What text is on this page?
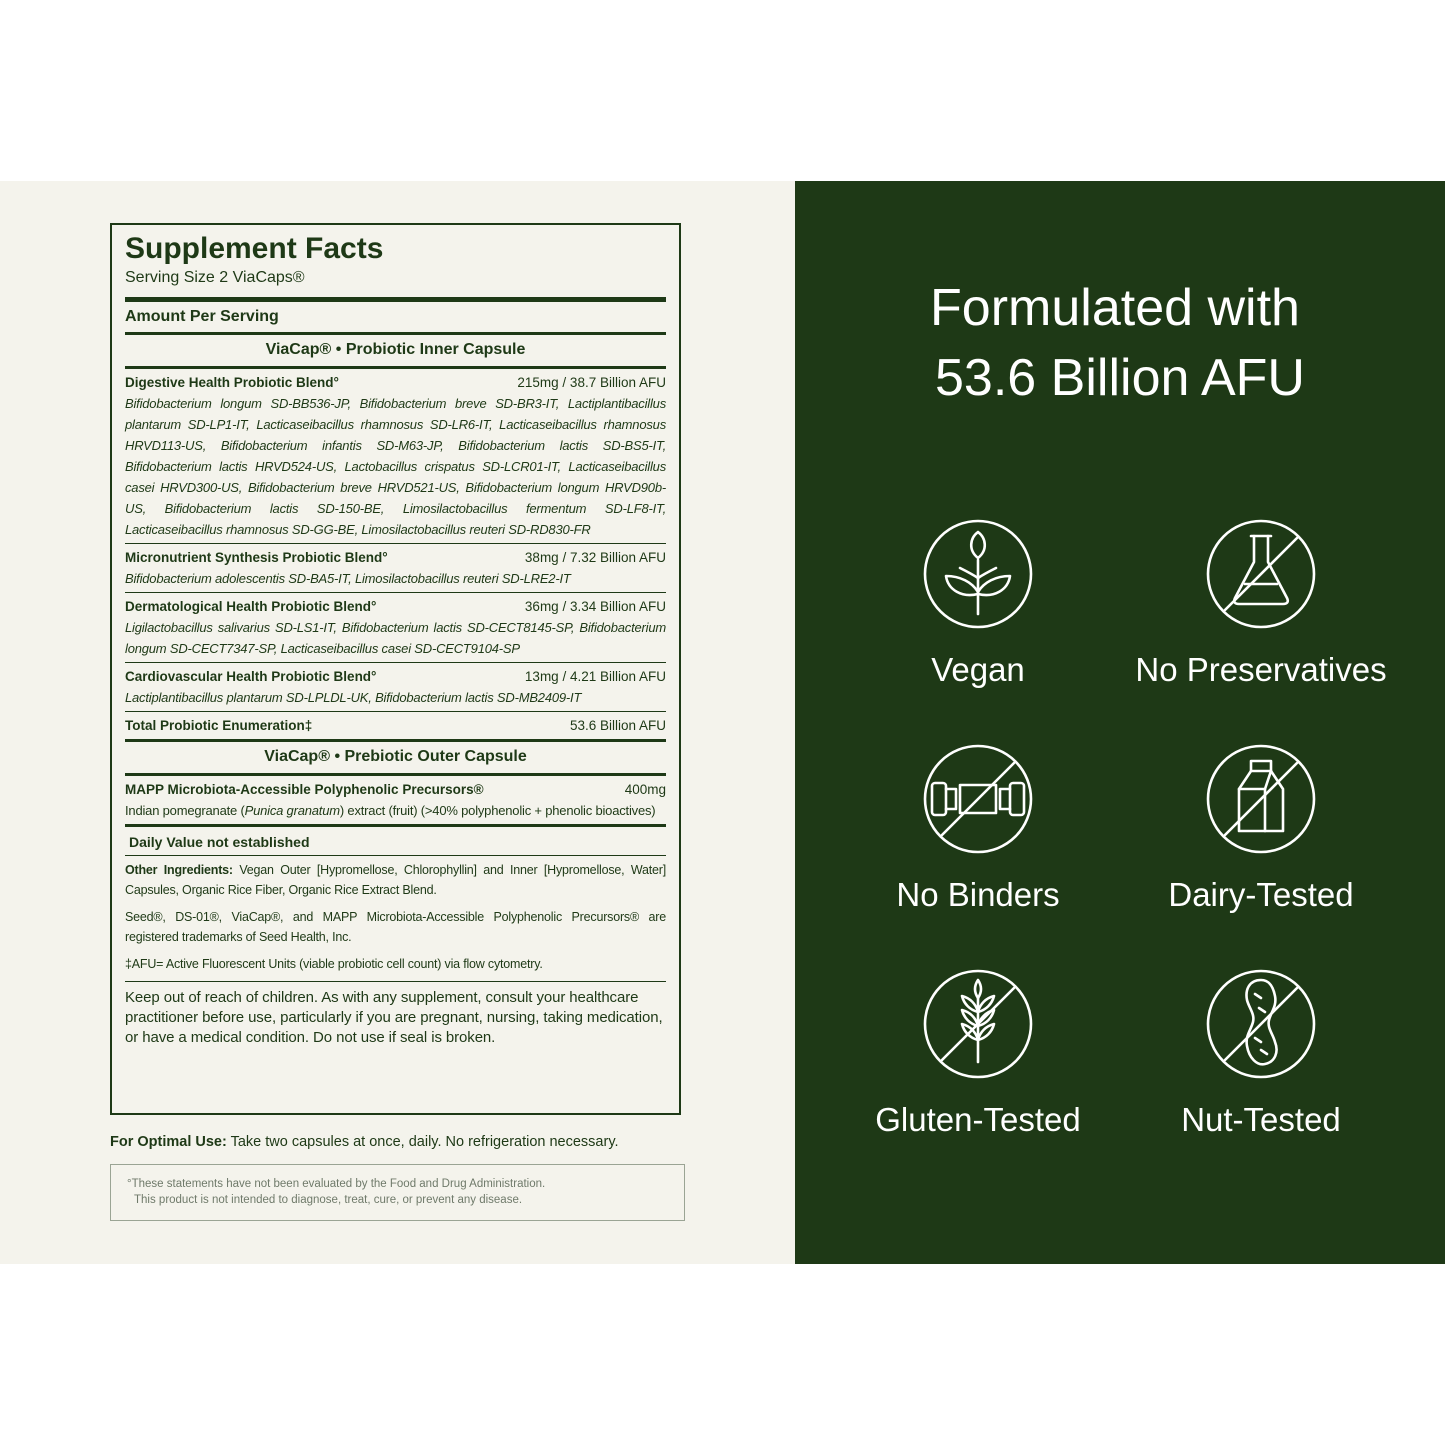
Supplement Facts
Serving Size 2 ViaCaps®
Amount Per Serving
ViaCap® • Probiotic Inner Capsule
Digestive Health Probiotic Blend°	215mg / 38.7 Billion AFU
Bifidobacterium longum SD-BB536-JP, Bifidobacterium breve SD-BR3-IT, Lactiplantibacillus plantarum SD-LP1-IT, Lacticaseibacillus rhamnosus SD-LR6-IT, Lacticaseibacillus rhamnosus HRVD113-US, Bifidobacterium infantis SD-M63-JP, Bifidobacterium lactis SD-BS5-IT, Bifidobacterium lactis HRVD524-US, Lactobacillus crispatus SD-LCR01-IT, Lacticaseibacillus casei HRVD300-US, Bifidobacterium breve HRVD521-US, Bifidobacterium longum HRVD90b-US, Bifidobacterium lactis SD-150-BE, Limosilactobacillus fermentum SD-LF8-IT, Lacticaseibacillus rhamnosus SD-GG-BE, Limosilactobacillus reuteri SD-RD830-FR
Micronutrient Synthesis Probiotic Blend°	38mg / 7.32 Billion AFU
Bifidobacterium adolescentis SD-BA5-IT, Limosilactobacillus reuteri SD-LRE2-IT
Dermatological Health Probiotic Blend°	36mg / 3.34 Billion AFU
Ligilactobacillus salivarius SD-LS1-IT, Bifidobacterium lactis SD-CECT8145-SP, Bifidobacterium longum SD-CECT7347-SP, Lacticaseibacillus casei SD-CECT9104-SP
Cardiovascular Health Probiotic Blend°	13mg / 4.21 Billion AFU
Lactiplantibacillus plantarum SD-LPLDL-UK, Bifidobacterium lactis SD-MB2409-IT
Total Probiotic Enumeration‡	53.6 Billion AFU
ViaCap® • Prebiotic Outer Capsule
MAPP Microbiota-Accessible Polyphenolic Precursors®	400mg
Indian pomegranate (Punica granatum) extract (fruit) (>40% polyphenolic + phenolic bioactives)
Daily Value not established

Other Ingredients: Vegan Outer [Hypromellose, Chlorophyllin] and Inner [Hypromellose, Water] Capsules, Organic Rice Fiber, Organic Rice Extract Blend.

Seed®, DS-01®, ViaCap®, and MAPP Microbiota-Accessible Polyphenolic Precursors® are registered trademarks of Seed Health, Inc.

‡AFU= Active Fluorescent Units (viable probiotic cell count) via flow cytometry.

Keep out of reach of children. As with any supplement, consult your healthcare practitioner before use, particularly if you are pregnant, nursing, taking medication, or have a medical condition. Do not use if seal is broken.
For Optimal Use: Take two capsules at once, daily. No refrigeration necessary.
°These statements have not been evaluated by the Food and Drug Administration.
This product is not intended to diagnose, treat, cure, or prevent any disease.
Formulated with
53.6 Billion AFU
Vegan	No Preservatives
No Binders	Dairy-Tested
Gluten-Tested	Nut-Tested
